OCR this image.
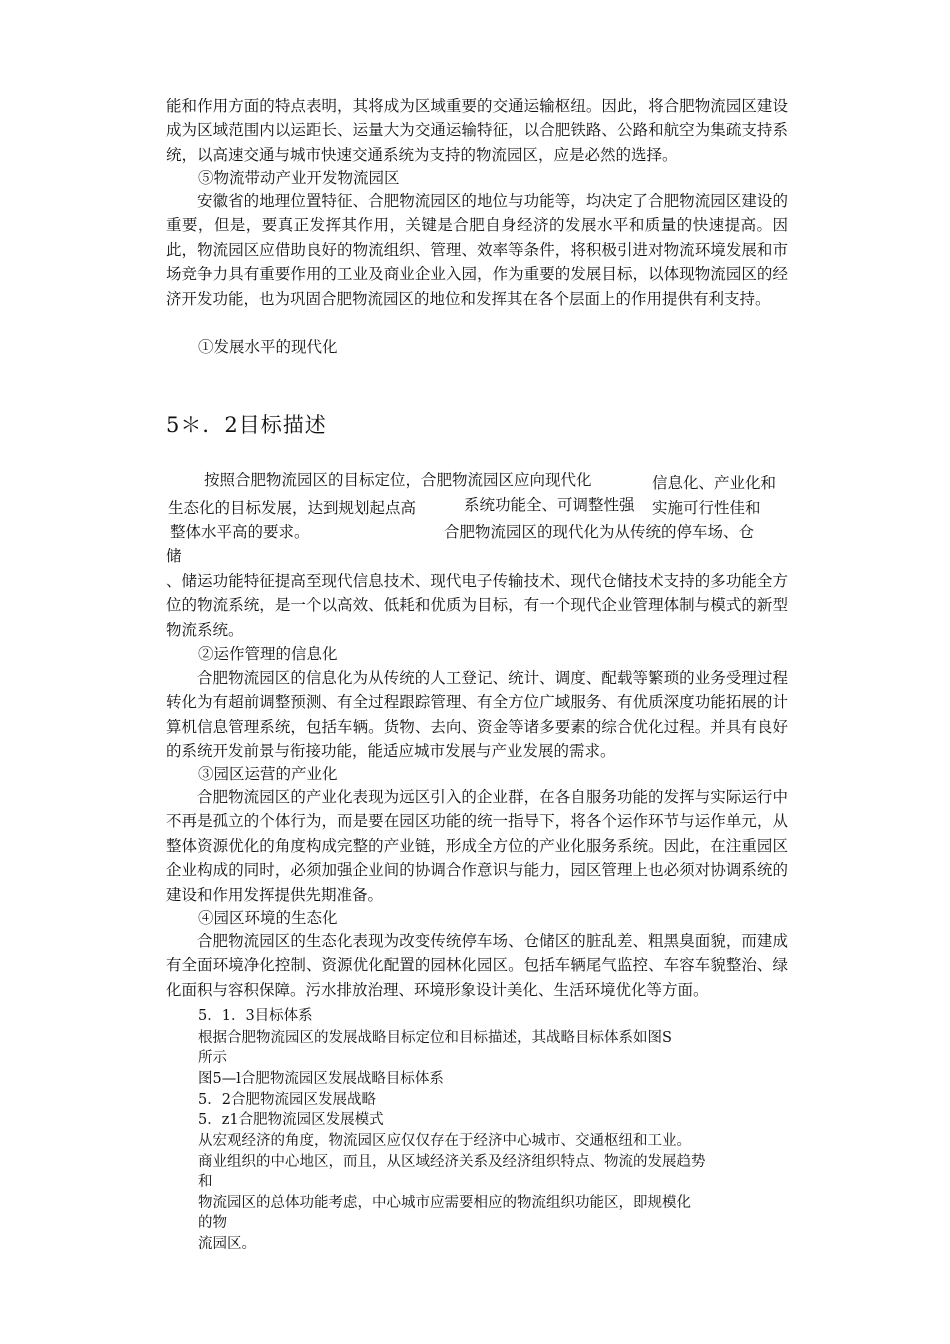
能和作用方面的特点表明，其将成为区域重要的交通运输枢纽。因此，将合肥物流园区建设成为区域范围内以运距长、运量大为交通运输特征，以合肥铁路、公路和航空为集疏支持系统，以高速交通与城市快速交通系统为支持的物流园区，应是必然的选择。
⑤物流带动产业开发物流园区
安徽省的地理位置特征、合肥物流园区的地位与功能等，均决定了合肥物流园区建设的重要，但是，要真正发挥其作用，关键是合肥自身经济的发展水平和质量的快速提高。因此，物流园区应借助良好的物流组织、管理、效率等条件，将积极引进对物流环境发展和市场竞争力具有重要作用的工业及商业企业入园，作为重要的发展目标，以体现物流园区的经济开发功能，也为巩固合肥物流园区的地位和发挥其在各个层面上的作用提供有利支持。
①发展水平的现代化
5＊．2目标描述
按照合肥物流园区的目标定位，合肥物流园区应向现代化	信息化、产业化和
生态化的目标发展，达到规划起点高	系统功能全、可调整性强 实施可行性佳和
整体水平高的要求。	合肥物流园区的现代化为从传统的停车场、仓
储
、储运功能特征提高至现代信息技术、现代电子传输技术、现代仓储技术支持的多功能全方位的物流系统，是一个以高效、低耗和优质为目标，有一个现代企业管理体制与模式的新型物流系统。
②运作管理的信息化
合肥物流园区的信息化为从传统的人工登记、统计、调度、配载等繁琐的业务受理过程转化为有超前调整预测、有全过程跟踪管理、有全方位广域服务、有优质深度功能拓展的计算机信息管理系统，包括车辆。货物、去向、资金等诸多要素的综合优化过程。并具有良好的系统开发前景与衔接功能，能适应城市发展与产业发展的需求。
③园区运营的产业化
合肥物流园区的产业化表现为远区引入的企业群，在各自服务功能的发挥与实际运行中不再是孤立的个体行为，而是要在园区功能的统一指导下，将各个运作环节与运作单元，从整体资源优化的角度构成完整的产业链，形成全方位的产业化服务系统。因此，在注重园区企业构成的同时，必须加强企业间的协调合作意识与能力，园区管理上也必须对协调系统的建设和作用发挥提供先期准备。
④园区环境的生态化
合肥物流园区的生态化表现为改变传统停车场、仓储区的脏乱差、粗黑臭面貌，而建成有全面环境净化控制、资源优化配置的园林化园区。包括车辆尾气监控、车容车貌整治、绿化面积与容积保障。污水排放治理、环境形象设计美化、生活环境优化等方面。
5．1．3目标体系
根据合肥物流园区的发展战略目标定位和目标描述，其战略目标体系如图S
所示
图5—l合肥物流园区发展战略目标体系
5．2合肥物流园区发展战略
5．z1合肥物流园区发展模式
从宏观经济的角度，物流园区应仅仅存在于经济中心城市、交通枢纽和工业。
商业组织的中心地区，而且，从区域经济关系及经济组织特点、物流的发展趋势
和
物流园区的总体功能考虑，中心城市应需要相应的物流组织功能区，即规模化
的物
流园区。
